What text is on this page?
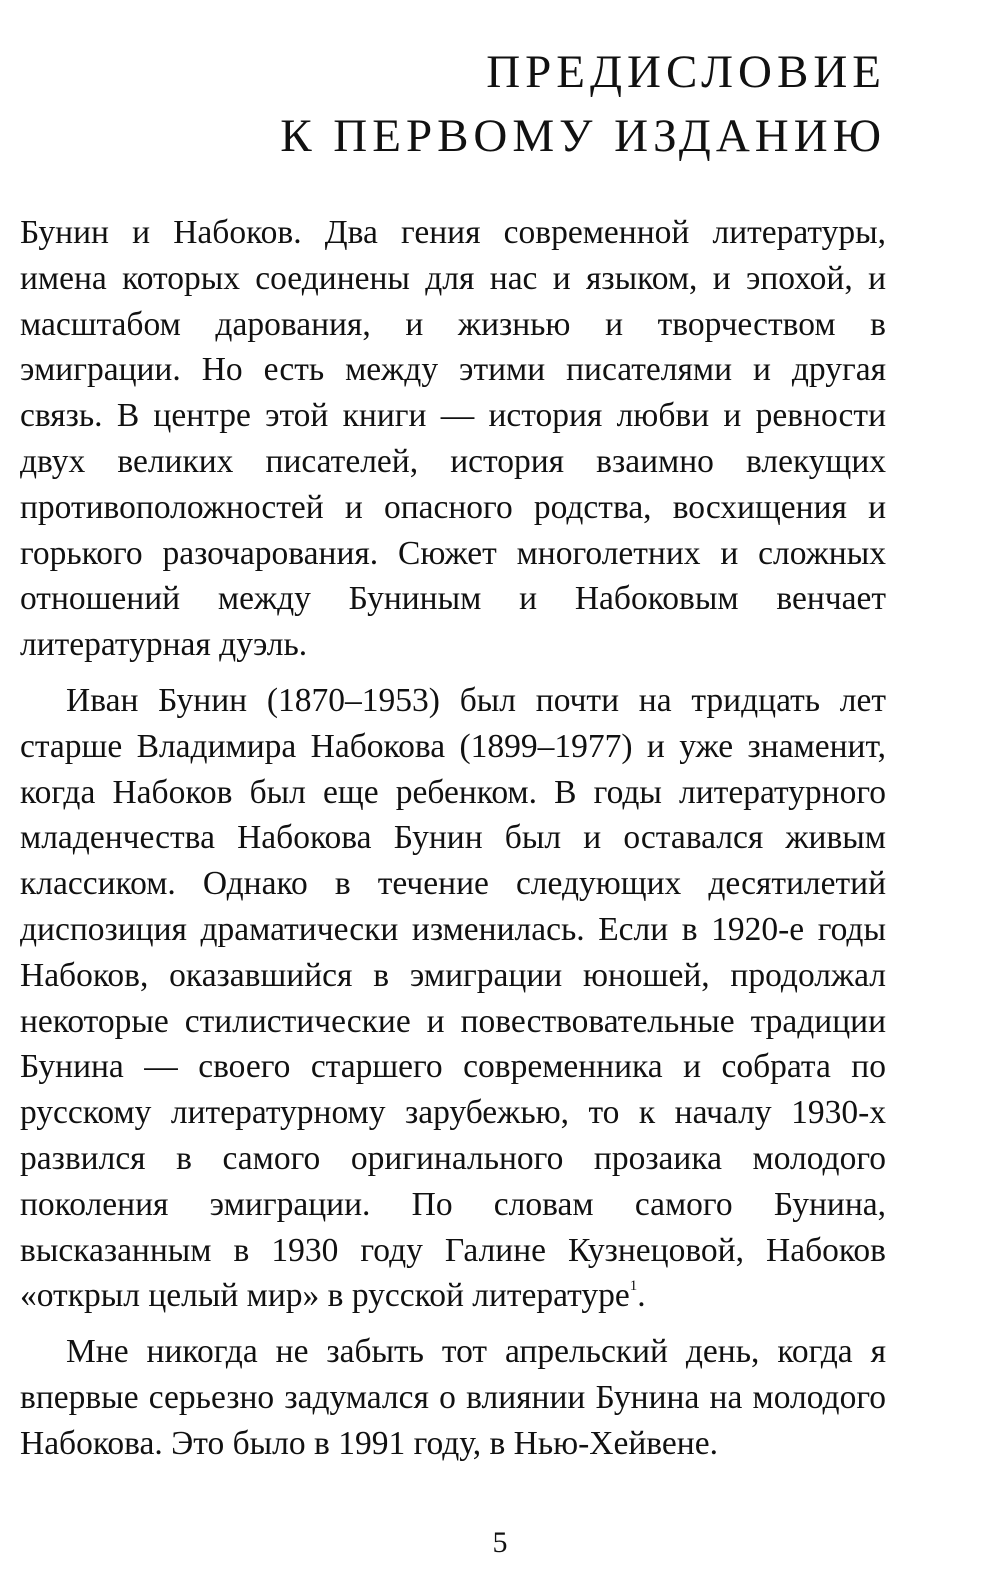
ПРЕДИСЛОВИЕ
К ПЕРВОМУ ИЗДАНИЮ

Бунин и Набоков. Два гения современной литературы, имена которых соединены для нас и языком, и эпохой, и масштабом дарования, и жизнью и творчеством в эмиграции. Но есть между этими писателями и другая связь. В центре этой книги — история любви и ревности двух великих писателей, история взаимно влекущих противоположностей и опасного родства, восхищения и горького разочарования. Сюжет многолетних и сложных отношений между Буниным и Набоковым венчает литературная дуэль.

Иван Бунин (1870–1953) был почти на тридцать лет старше Владимира Набокова (1899–1977) и уже знаменит, когда Набоков был еще ребенком. В годы литературного младенчества Набокова Бунин был и оставался живым классиком. Однако в течение следующих десятилетий диспозиция драматически изменилась. Если в 1920-е годы Набоков, оказавшийся в эмиграции юношей, продолжал некоторые стилистические и повествовательные традиции Бунина — своего старшего современника и собрата по русскому литературному зарубежью, то к началу 1930-х развился в самого оригинального прозаика молодого поколения эмиграции. По словам самого Бунина, высказанным в 1930 году Галине Кузнецовой, Набоков «открыл целый мир» в русской литературе$^1$.

Мне никогда не забыть тот апрельский день, когда я впервые серьезно задумался о влиянии Бунина на молодого Набокова. Это было в 1991 году, в Нью-Хейвене.

5
